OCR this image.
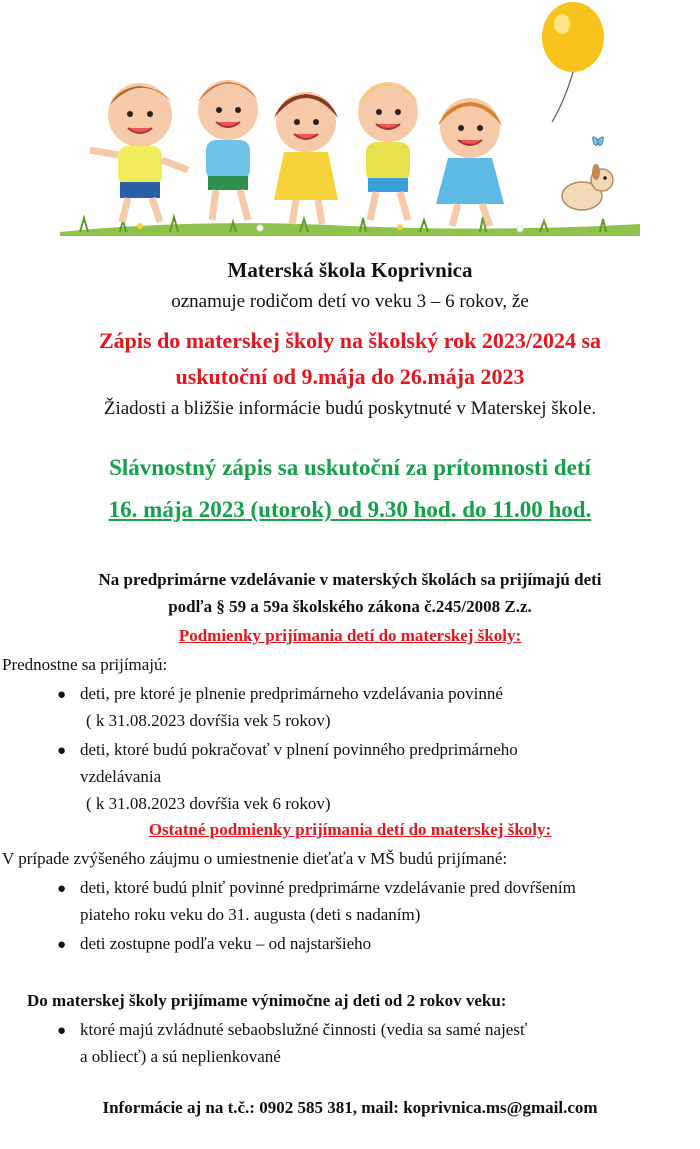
Materská škola Koprivnica
oznamuje rodičom detí vo veku 3 – 6 rokov, že
Zápis do materskej školy na školský rok 2023/2024 sa
uskutoční od 9.mája do 26.mája 2023
Žiadosti a bližšie informácie budú poskytnuté v Materskej škole.
Slávnostný zápis sa uskutoční za prítomnosti detí
16. mája 2023 (utorok) od 9.30 hod. do 11.00 hod.
Na predprimárne vzdelávanie v materských školách sa prijímajú deti
podľa § 59 a 59a školského zákona č.245/2008 Z.z.
Podmienky prijímania detí do materskej školy:
Prednostne sa prijímajú:
● deti, pre ktoré je plnenie predprimárneho vzdelávania povinné
( k 31.08.2023 dovŕšia vek 5 rokov)
● deti, ktoré budú pokračovať v plnení povinného predprimárneho
vzdelávania
( k 31.08.2023 dovŕšia vek 6 rokov)
Ostatné podmienky prijímania detí do materskej školy:
V prípade zvýšeného záujmu o umiestnenie dieťaťa v MŠ budú prijímané:
● deti, ktoré budú plniť povinné predprimárne vzdelávanie pred dovŕšením
piateho roku veku do 31. augusta (deti s nadaním)
● deti zostupne podľa veku – od najstaršieho
Do materskej školy prijímame výnimočne aj deti od 2 rokov veku:
● ktoré majú zvládnuté sebaobslužné činnosti (vedia sa samé najesť
a obliecť) a sú neplienkované
Informácie aj na t.č.: 0902 585 381, mail: koprivnica.ms@gmail.com
